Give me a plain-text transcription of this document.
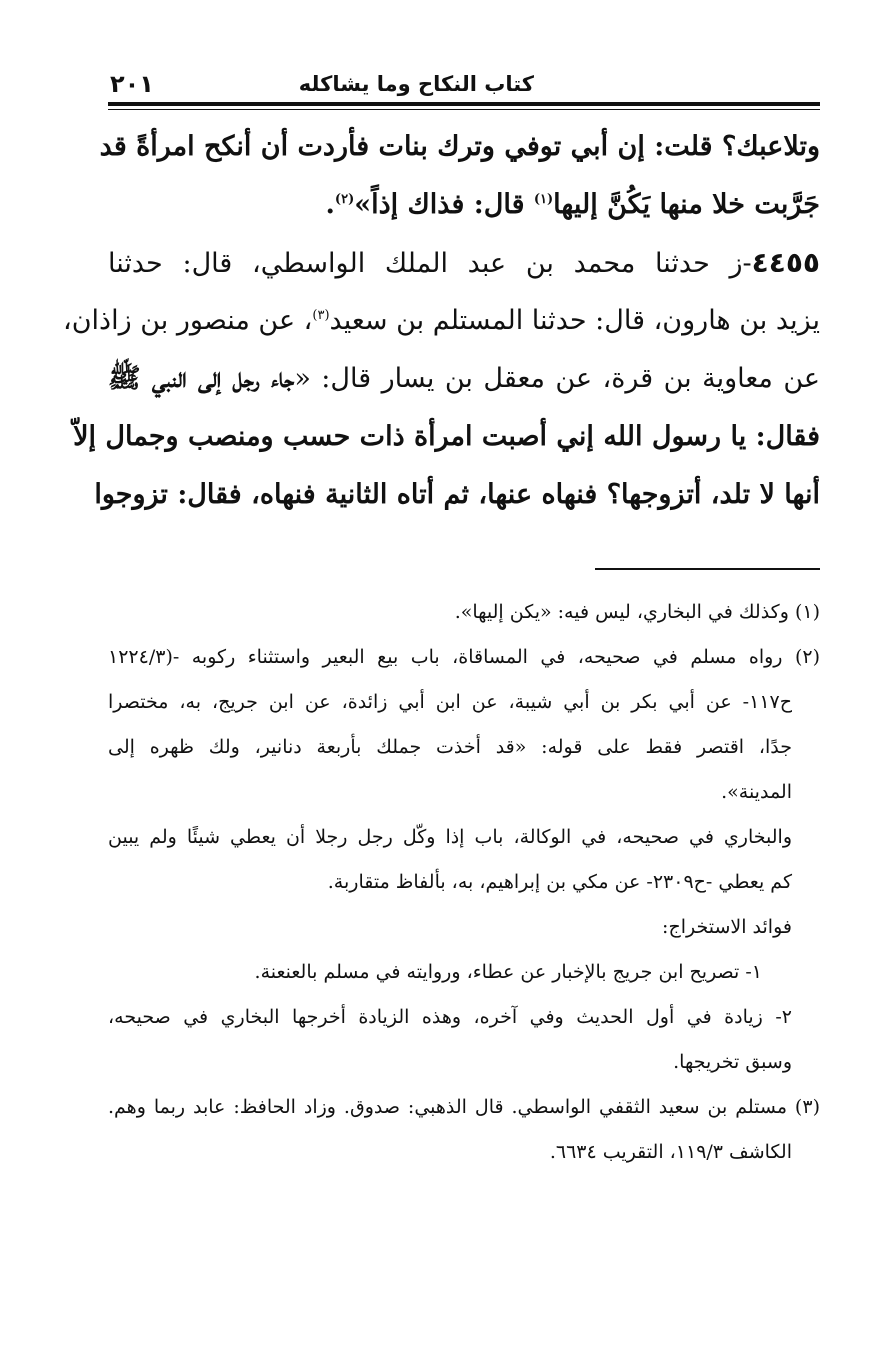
كتاب النكاح وما يشاكله
٢٠١
وتلاعبك؟ قلت: إن أبي توفي وترك بنات فأردت أن أنكح امرأةً قد
جَرَّبت خلا منها يَكُنَّ إليها$^{(١)}$ قال: فذاك إذاً»$^{(٢)}$.
٤٤٥٥-ز حدثنا محمد بن عبد الملك الواسطي، قال: حدثنا
يزيد بن هارون، قال: حدثنا المستلم بن سعيد$^{(٣)}$، عن منصور بن زاذان،
عن معاوية بن قرة، عن معقل بن يسار قال: «جاء رجل إلى النبي ﷺ
فقال: يا رسول الله إني أصبت امرأة ذات حسب ومنصب وجمال إلاّ
أنها لا تلد، أتزوجها؟ فنهاه عنها، ثم أتاه الثانية فنهاه، فقال: تزوجوا
(١) وكذلك في البخاري، ليس فيه: «يكن إليها».
(٢) رواه مسلم في صحيحه، في المساقاة، باب بيع البعير واستثناء ركوبه -(١٢٢٤/٣
ح١١٧- عن أبي بكر بن أبي شيبة، عن ابن أبي زائدة، عن ابن جريج، به، مختصرا
جدًا، اقتصر فقط على قوله: «قد أخذت جملك بأربعة دنانير، ولك ظهره إلى
المدينة».
والبخاري في صحيحه، في الوكالة، باب إذا وكّل رجل رجلا أن يعطي شيئًا ولم يبين
كم يعطي -ح٢٣٠٩- عن مكي بن إبراهيم، به، بألفاظ متقاربة.
فوائد الاستخراج:
١- تصريح ابن جريج بالإخبار عن عطاء، وروايته في مسلم بالعنعنة.
٢- زيادة في أول الحديث وفي آخره، وهذه الزيادة أخرجها البخاري في صحيحه،
وسبق تخريجها.
(٣) مستلم بن سعيد الثقفي الواسطي. قال الذهبي: صدوق. وزاد الحافظ: عابد ربما وهم.
الكاشف ١١٩/٣، التقريب ٦٦٣٤.
